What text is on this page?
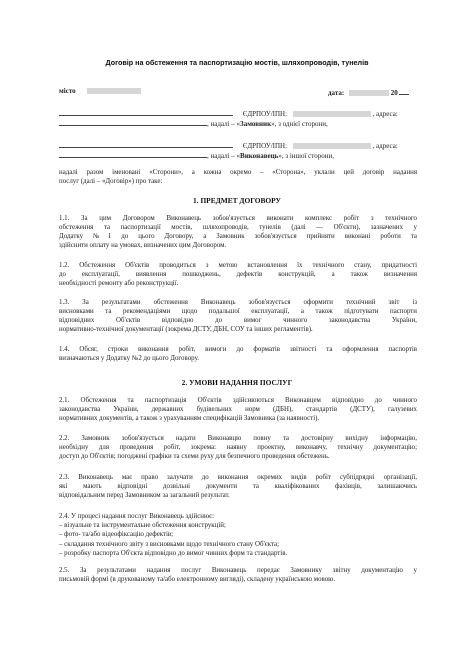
Договір на обстеження та паспортизацію мостів, шляхопроводів, тунелів
місто	дата:	20
ЄДРПОУ/ІПН:	, адреса:
, надалі – «Замовник», з однієї сторони,
ЄДРПОУ/ІПН:	, адреса:
, надалі – «Виконавець», з іншої сторони,
надалі разом іменовані «Сторони», а кожна окремо – «Сторона», уклали цей договір надання
послуг (далі – «Договір») про таке:
1. ПРЕДМЕТ ДОГОВОРУ
1.1. За цим Договором Виконавець зобов'язується виконати комплекс робіт з технічного
обстеження та паспортизації мостів, шляхопроводів, тунелів (далі — Об'єкти), зазначених у
Додатку №1 до цього Договору, а Замовник зобов'язується прийняти виконані роботи та
здійснити оплату на умовах, визначених цим Договором.
1.2. Обстеження Об'єктів проводиться з метою встановлення їх технічного стану, придатності
до експлуатації, виявлення пошкоджень, дефектів конструкцій, а також визначення
необхідності ремонту або реконструкції.
1.3. За результатами обстеження Виконавець зобов'язується оформити технічний звіт із
висновками та рекомендаціями щодо подальшої експлуатації, а також підготувати паспорти
відповідних Об'єктів відповідно до вимог чинного законодавства України,
нормативно-технічної документації (зокрема ДСТУ, ДБН, СОУ та інших регламентів).
1.4. Обсяг, строки виконання робіт, вимоги до форматів звітності та оформлення паспортів
визначаються у Додатку №2 до цього Договору.
2. УМОВИ НАДАННЯ ПОСЛУГ
2.1. Обстеження та паспортизація Об'єктів здійснюються Виконавцем відповідно до чинного
законодавства України, державних будівельних норм (ДБН), стандартів (ДСТУ), галузевих
нормативних документів, а також з урахуванням специфікацій Замовника (за наявності).
2.2. Замовник зобов'язується надати Виконавцю повну та достовірну вихідну інформацію,
необхідну для проведення робіт, зокрема: наявну проектну, виконавчу, технічну документацію;
доступ до Об'єктів; погоджені графіки та схеми руху для безпечного проведення обстежень.
2.3. Виконавець має право залучати до виконання окремих видів робіт субпідрядні організації,
які мають відповідні дозвільні документи та кваліфікованих фахівців, залишаючись
відповідальним перед Замовником за загальний результат.
2.4. У процесі надання послуг Виконавець здійснює:
– візуальне та інструментальне обстеження конструкцій;
– фото- та/або відеофіксацію дефектів;
– складання технічного звіту з висновками щодо технічного стану Об'єкта;
– розробку паспорта Об'єкта відповідно до вимог чинних форм та стандартів.
2.5. За результатами надання послуг Виконавець передає Замовнику звітну документацію у
письмовій формі (в друкованому та/або електронному вигляді), складену українською мовою.
